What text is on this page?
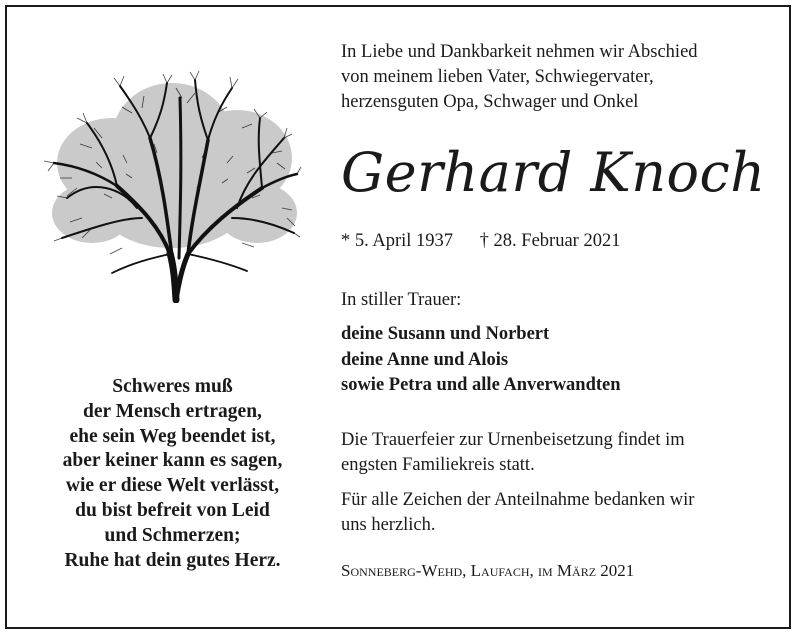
Schweres muß
der Mensch ertragen,
ehe sein Weg beendet ist,
aber keiner kann es sagen,
wie er diese Welt verlässt,
du bist befreit von Leid
und Schmerzen;
Ruhe hat dein gutes Herz.
In Liebe und Dankbarkeit nehmen wir Abschied
von meinem lieben Vater, Schwiegervater,
herzensguten Opa, Schwager und Onkel
Gerhard Knoch
* 5. April 1937 † 28. Februar 2021
In stiller Trauer:
deine Susann und Norbert
deine Anne und Alois
sowie Petra und alle Anverwandten
Die Trauerfeier zur Urnenbeisetzung findet im
engsten Familiekreis statt.
Für alle Zeichen der Anteilnahme bedanken wir
uns herzlich.
Sonneberg-Wehd, Laufach, im März 2021
